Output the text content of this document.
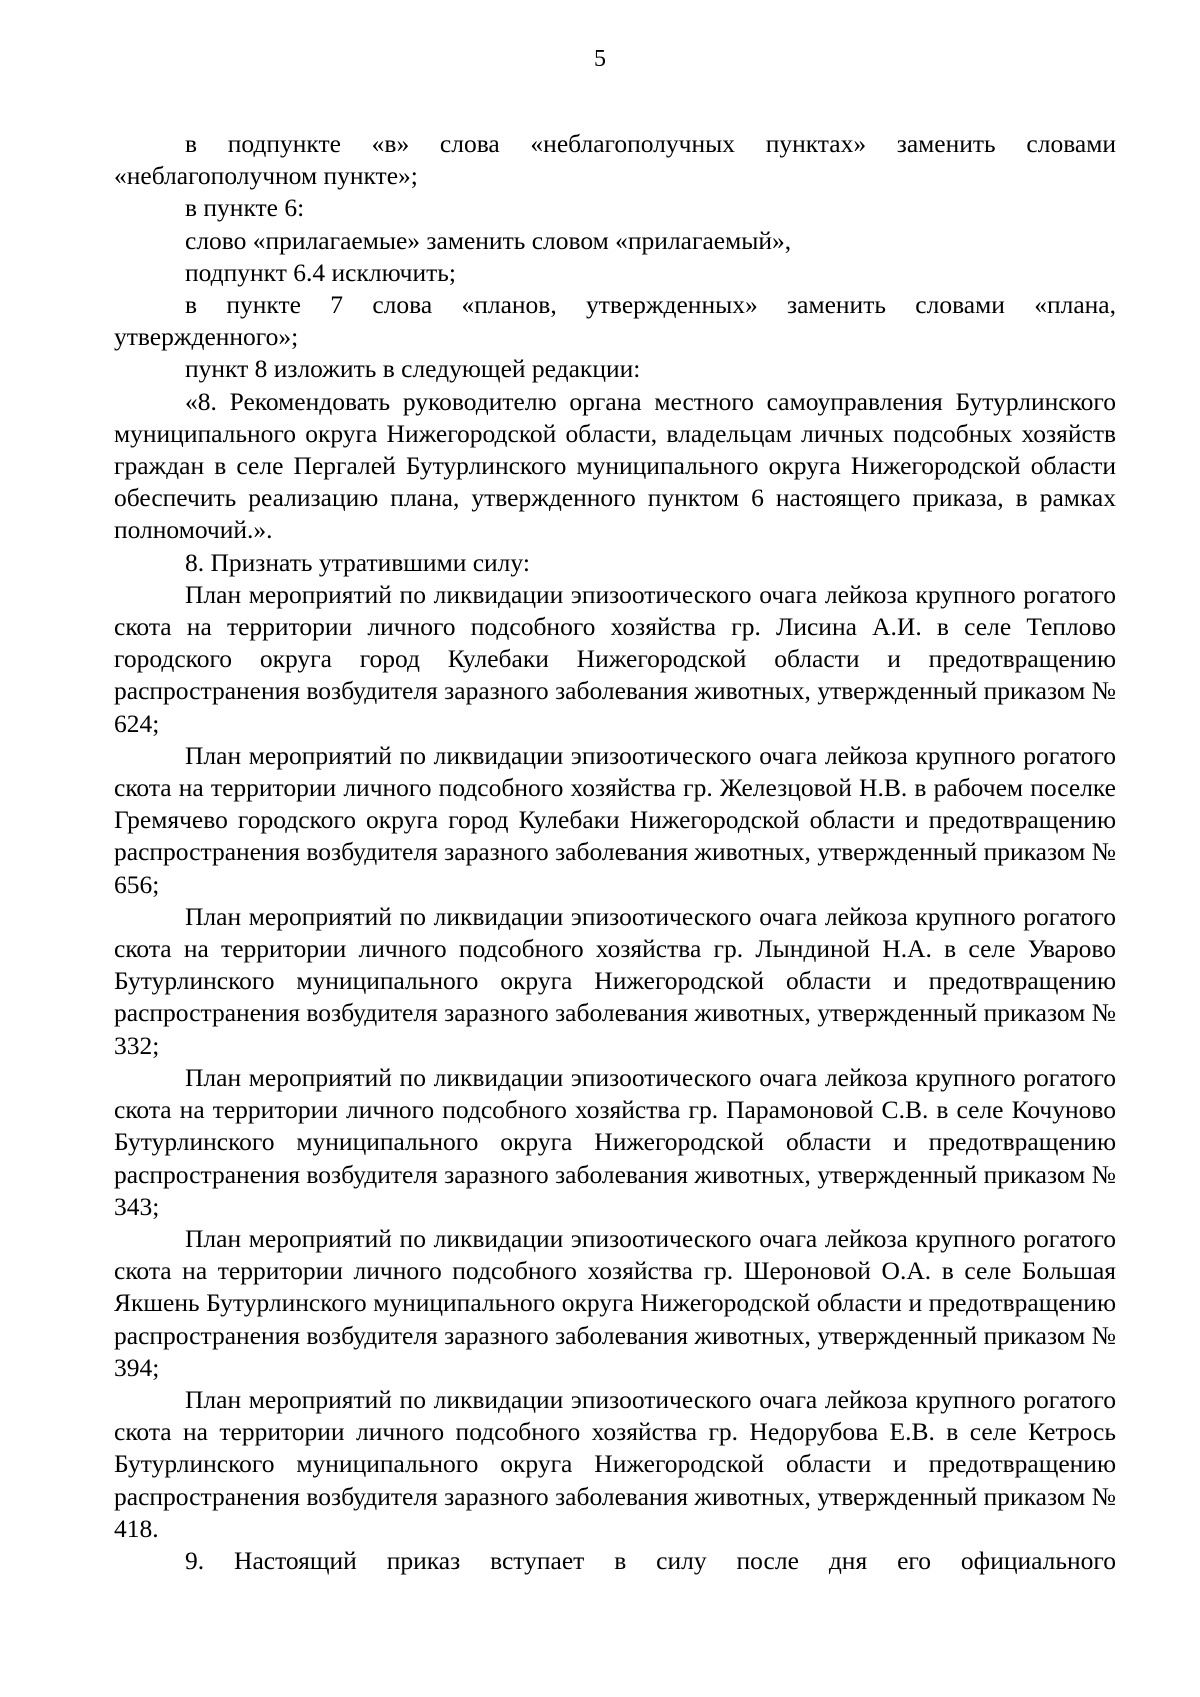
5

в подпункте «в» слова «неблагополучных пунктах» заменить словами «неблагополучном пункте»;

в пункте 6:

слово «прилагаемые» заменить словом «прилагаемый»,

подпункт 6.4 исключить;

в пункте 7 слова «планов, утвержденных» заменить словами «плана, утвержденного»;

пункт 8 изложить в следующей редакции:

«8. Рекомендовать руководителю органа местного самоуправления Бутурлинского муниципального округа Нижегородской области, владельцам личных подсобных хозяйств граждан в селе Пергалей Бутурлинского муниципального округа Нижегородской области обеспечить реализацию плана, утвержденного пунктом 6 настоящего приказа, в рамках полномочий.».

8. Признать утратившими силу:

План мероприятий по ликвидации эпизоотического очага лейкоза крупного рогатого скота на территории личного подсобного хозяйства гр. Лисина А.И. в селе Теплово городского округа город Кулебаки Нижегородской области и предотвращению распространения возбудителя заразного заболевания животных, утвержденный приказом № 624;

План мероприятий по ликвидации эпизоотического очага лейкоза крупного рогатого скота на территории личного подсобного хозяйства гр. Железцовой Н.В. в рабочем поселке Гремячево городского округа город Кулебаки Нижегородской области и предотвращению распространения возбудителя заразного заболевания животных, утвержденный приказом № 656;

План мероприятий по ликвидации эпизоотического очага лейкоза крупного рогатого скота на территории личного подсобного хозяйства гр. Лындиной Н.А. в селе Уварово Бутурлинского муниципального округа Нижегородской области и предотвращению распространения возбудителя заразного заболевания животных, утвержденный приказом № 332;

План мероприятий по ликвидации эпизоотического очага лейкоза крупного рогатого скота на территории личного подсобного хозяйства гр. Парамоновой С.В. в селе Кочуново Бутурлинского муниципального округа Нижегородской области и предотвращению распространения возбудителя заразного заболевания животных, утвержденный приказом № 343;

План мероприятий по ликвидации эпизоотического очага лейкоза крупного рогатого скота на территории личного подсобного хозяйства гр. Шероновой О.А. в селе Большая Якшень Бутурлинского муниципального округа Нижегородской области и предотвращению распространения возбудителя заразного заболевания животных, утвержденный приказом № 394;

План мероприятий по ликвидации эпизоотического очага лейкоза крупного рогатого скота на территории личного подсобного хозяйства гр. Недорубова Е.В. в селе Кетрось Бутурлинского муниципального округа Нижегородской области и предотвращению распространения возбудителя заразного заболевания животных, утвержденный приказом № 418.

9. Настоящий приказ вступает в силу после дня его официального
